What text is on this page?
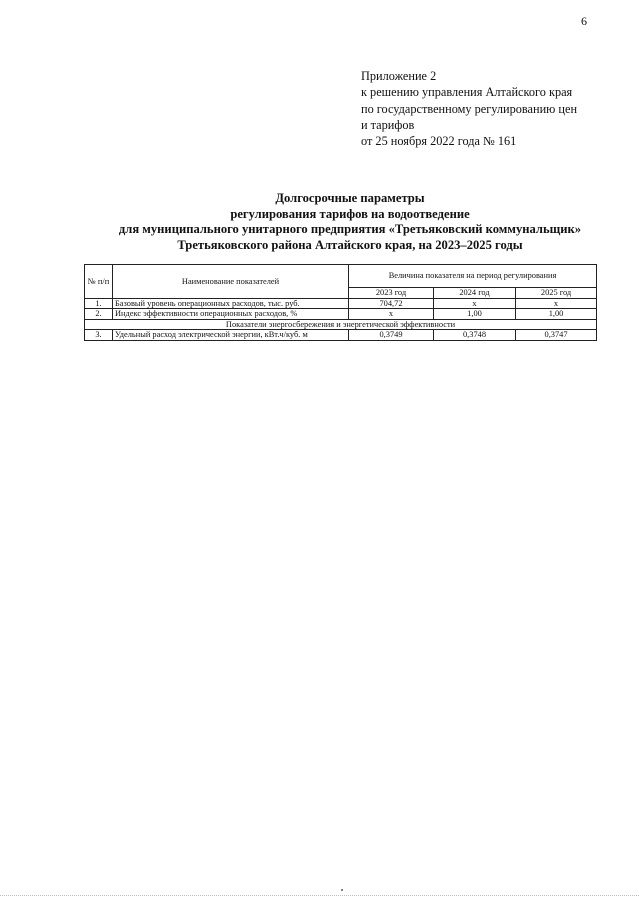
6
Приложение 2
к решению управления Алтайского края
по государственному регулированию цен
и тарифов
от 25 ноября 2022 года № 161
Долгосрочные параметры
регулирования тарифов на водоотведение
для муниципального унитарного предприятия «Третьяковский коммунальщик»
Третьяковского района Алтайского края, на 2023–2025 годы
№ п/п	Наименование показателей	Величина показателя на период регулирования		
		2023 год	2024 год	2025 год
1.	Базовый уровень операционных расходов, тыс. руб.	704,72	x	x
2.	Индекс эффективности операционных расходов, %	x	1,00	1,00
Показатели энергосбережения и энергетической эффективности				
3.	Удельный расход электрической энергии, кВт.ч/куб. м	0,3749	0,3748	0,3747
